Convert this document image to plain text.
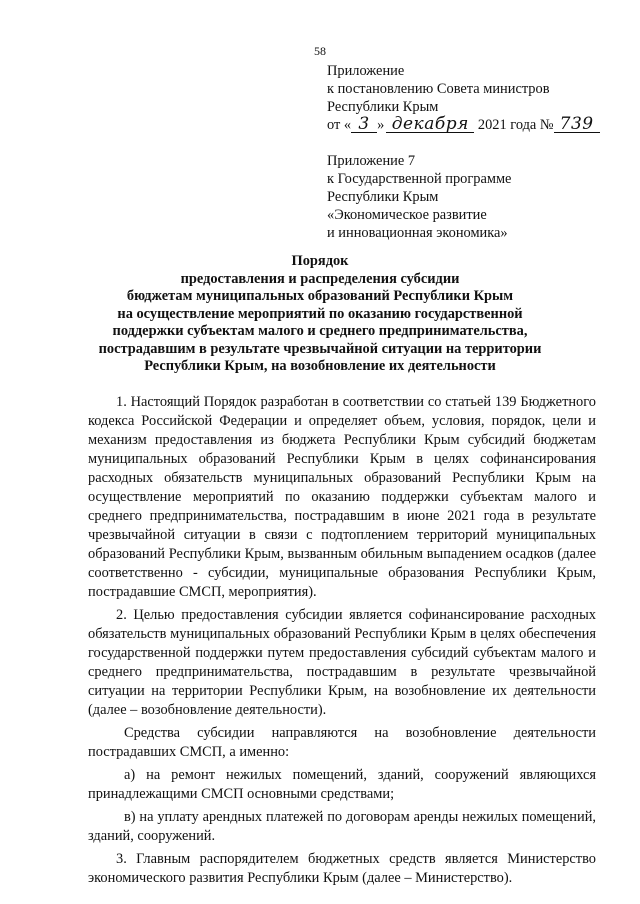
58
Приложение
к постановлению Совета министров
Республики Крым
от « 3 » декабря 2021 года № 739
Приложение 7
к Государственной программе
Республики Крым
«Экономическое развитие
и инновационная экономика»
Порядок
предоставления и распределения субсидии
бюджетам муниципальных образований Республики Крым
на осуществление мероприятий по оказанию государственной
поддержки субъектам малого и среднего предпринимательства,
пострадавшим в результате чрезвычайной ситуации на территории
Республики Крым, на возобновление их деятельности

1. Настоящий Порядок разработан в соответствии со статьей 139 Бюджетного кодекса Российской Федерации и определяет объем, условия, порядок, цели и механизм предоставления из бюджета Республики Крым субсидий бюджетам муниципальных образований Республики Крым в целях софинансирования расходных обязательств муниципальных образований Республики Крым на осуществление мероприятий по оказанию поддержки субъектам малого и среднего предпринимательства, пострадавшим в июне 2021 года в результате чрезвычайной ситуации в связи с подтоплением территорий муниципальных образований Республики Крым, вызванным обильным выпадением осадков (далее соответственно - субсидии, муниципальные образования Республики Крым, пострадавшие СМСП, мероприятия).

2. Целью предоставления субсидии является софинансирование расходных обязательств муниципальных образований Республики Крым в целях обеспечения государственной поддержки путем предоставления субсидий субъектам малого и среднего предпринимательства, пострадавшим в результате чрезвычайной ситуации на территории Республики Крым, на возобновление их деятельности (далее – возобновление деятельности).

Средства субсидии направляются на возобновление деятельности пострадавших СМСП, а именно:

а) на ремонт нежилых помещений, зданий, сооружений являющихся принадлежащими СМСП основными средствами;

в) на уплату арендных платежей по договорам аренды нежилых помещений, зданий, сооружений.

3. Главным распорядителем бюджетных средств является Министерство экономического развития Республики Крым (далее – Министерство).
